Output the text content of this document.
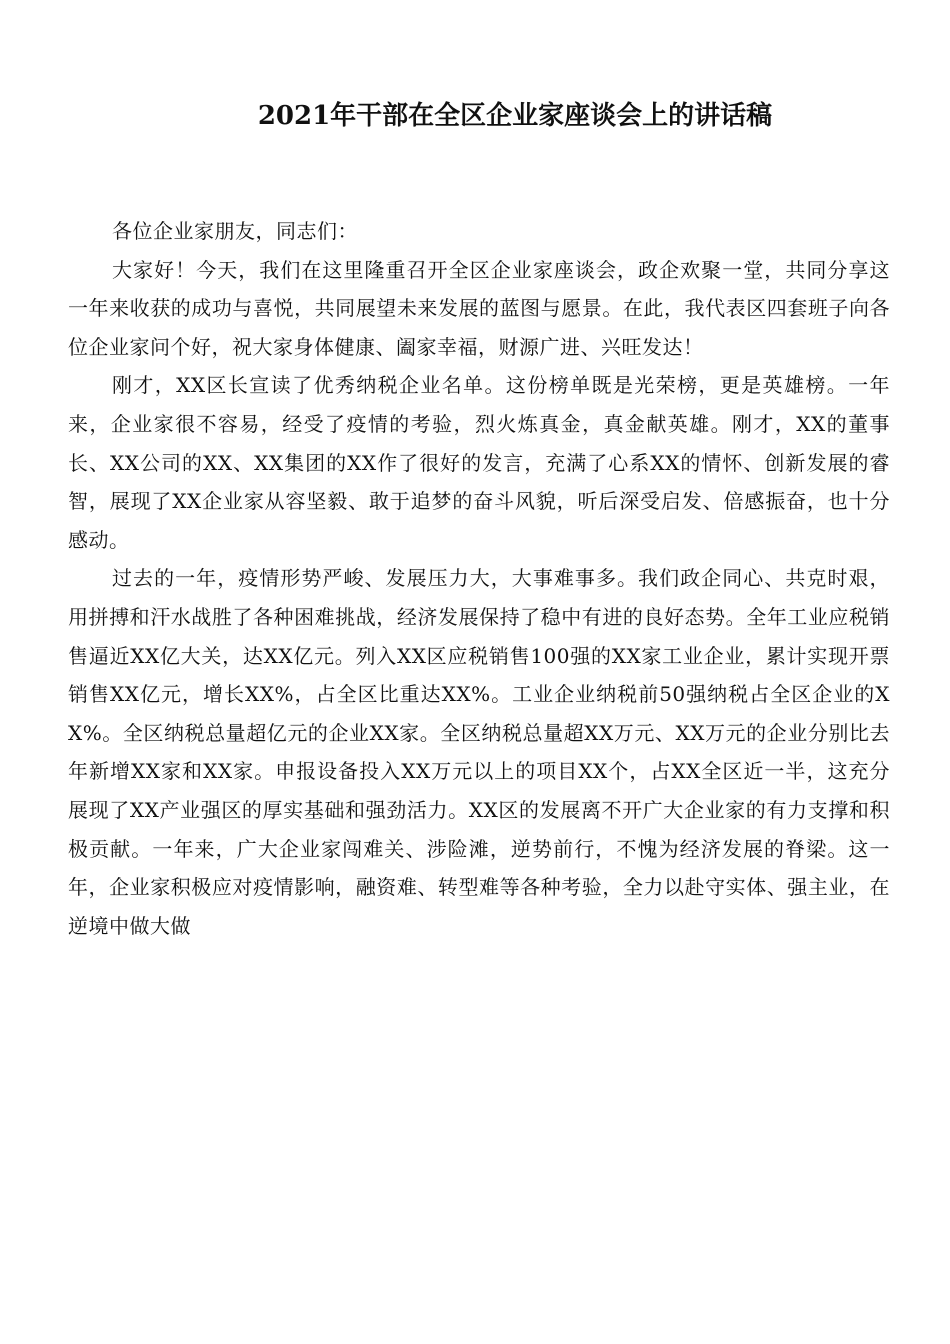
2021年干部在全区企业家座谈会上的讲话稿

各位企业家朋友，同志们：

大家好！今天，我们在这里隆重召开全区企业家座谈会，政企欢聚一堂，共同分享这一年来收获的成功与喜悦，共同展望未来发展的蓝图与愿景。在此，我代表区四套班子向各位企业家问个好，祝大家身体健康、阖家幸福，财源广进、兴旺发达！

刚才，XX区长宣读了优秀纳税企业名单。这份榜单既是光荣榜，更是英雄榜。一年来，企业家很不容易，经受了疫情的考验，烈火炼真金，真金献英雄。刚才，XX的董事长、XX公司的XX、XX集团的XX作了很好的发言，充满了心系XX的情怀、创新发展的睿智，展现了XX企业家从容坚毅、敢于追梦的奋斗风貌，听后深受启发、倍感振奋，也十分感动。

过去的一年，疫情形势严峻、发展压力大，大事难事多。我们政企同心、共克时艰，用拼搏和汗水战胜了各种困难挑战，经济发展保持了稳中有进的良好态势。全年工业应税销售逼近XX亿大关，达XX亿元。列入XX区应税销售100强的XX家工业企业，累计实现开票销售XX亿元，增长XX%，占全区比重达XX%。工业企业纳税前50强纳税占全区企业的XX%。全区纳税总量超亿元的企业XX家。全区纳税总量超XX万元、XX万元的企业分别比去年新增XX家和XX家。申报设备投入XX万元以上的项目XX个，占XX全区近一半，这充分展现了XX产业强区的厚实基础和强劲活力。XX区的发展离不开广大企业家的有力支撑和积极贡献。一年来，广大企业家闯难关、涉险滩，逆势前行，不愧为经济发展的脊梁。这一年，企业家积极应对疫情影响，融资难、转型难等各种考验，全力以赴守实体、强主业，在逆境中做大做
